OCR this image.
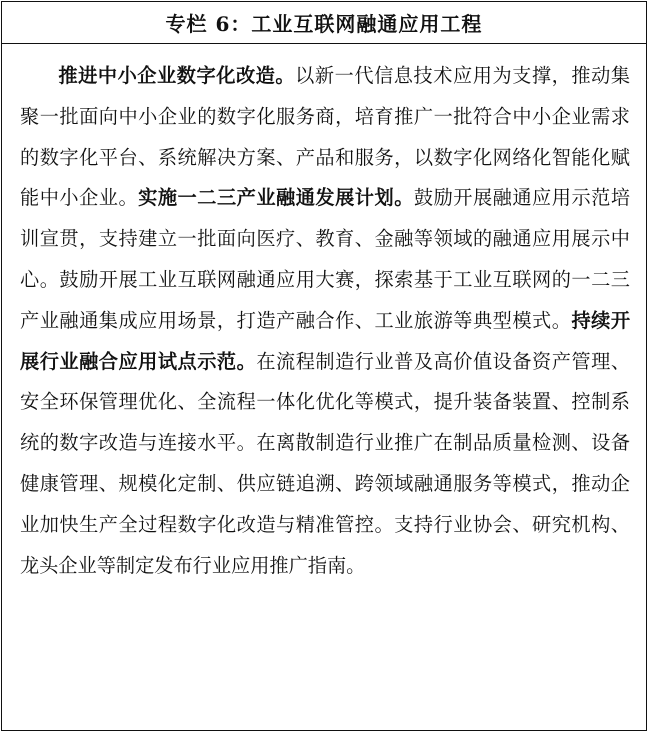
专栏 6：工业互联网融通应用工程
推进中小企业数字化改造。以新一代信息技术应用为支撑，推动集聚一批面向中小企业的数字化服务商，培育推广一批符合中小企业需求的数字化平台、系统解决方案、产品和服务，以数字化网络化智能化赋能中小企业。实施一二三产业融通发展计划。鼓励开展融通应用示范培训宣贯，支持建立一批面向医疗、教育、金融等领域的融通应用展示中心。鼓励开展工业互联网融通应用大赛，探索基于工业互联网的一二三产业融通集成应用场景，打造产融合作、工业旅游等典型模式。持续开展行业融合应用试点示范。在流程制造行业普及高价值设备资产管理、安全环保管理优化、全流程一体化优化等模式，提升装备装置、控制系统的数字改造与连接水平。在离散制造行业推广在制品质量检测、设备健康管理、规模化定制、供应链追溯、跨领域融通服务等模式，推动企业加快生产全过程数字化改造与精准管控。支持行业协会、研究机构、龙头企业等制定发布行业应用推广指南。
